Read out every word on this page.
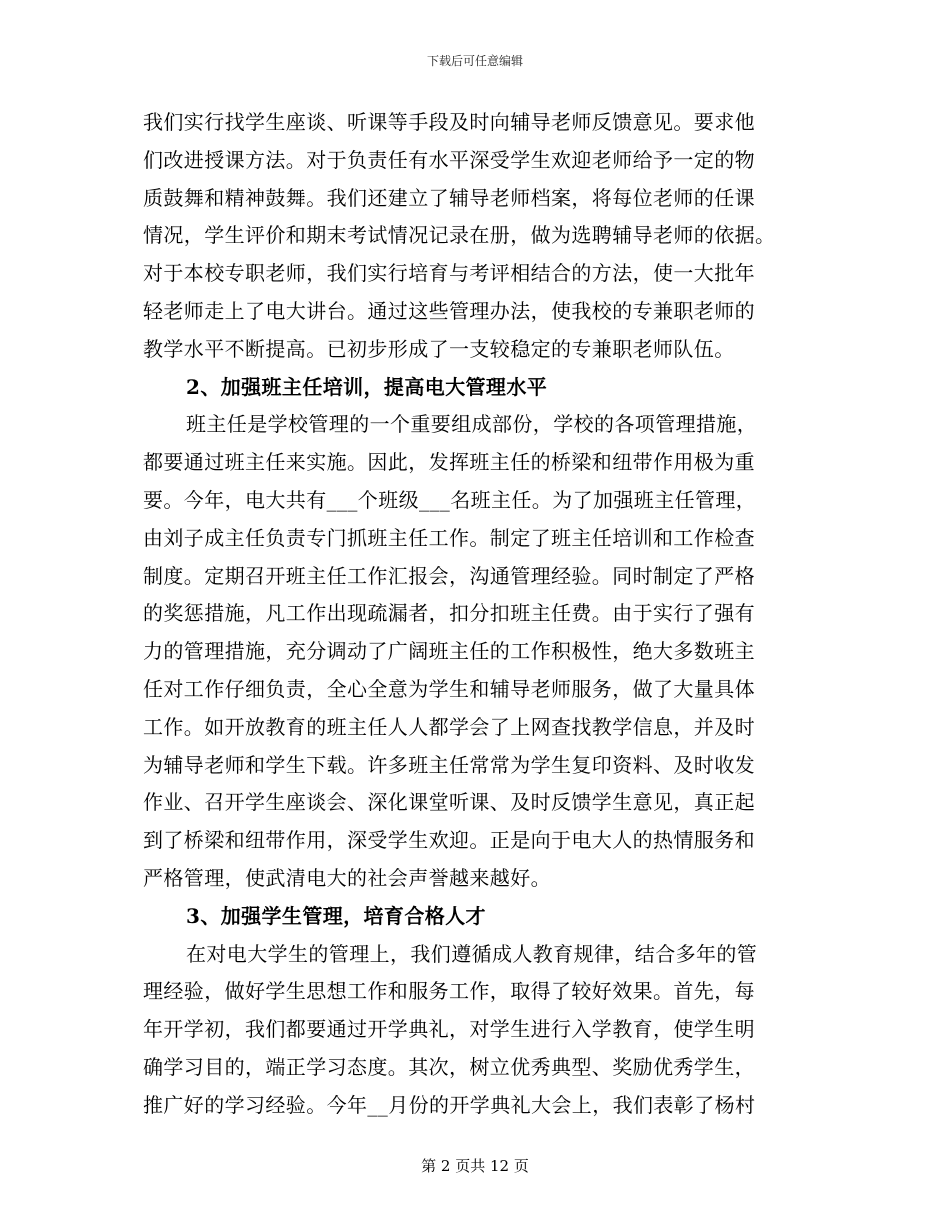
下载后可任意编辑
我们实行找学生座谈、听课等手段及时向辅导老师反馈意见。要求他
们改进授课方法。对于负责任有水平深受学生欢迎老师给予一定的物
质鼓舞和精神鼓舞。我们还建立了辅导老师档案，将每位老师的任课
情况，学生评价和期末考试情况记录在册，做为选聘辅导老师的依据。
对于本校专职老师，我们实行培育与考评相结合的方法，使一大批年
轻老师走上了电大讲台。通过这些管理办法，使我校的专兼职老师的
教学水平不断提高。已初步形成了一支较稳定的专兼职老师队伍。
2、加强班主任培训，提高电大管理水平
班主任是学校管理的一个重要组成部份，学校的各项管理措施，
都要通过班主任来实施。因此，发挥班主任的桥梁和纽带作用极为重
要。今年，电大共有___个班级___名班主任。为了加强班主任管理，
由刘子成主任负责专门抓班主任工作。制定了班主任培训和工作检查
制度。定期召开班主任工作汇报会，沟通管理经验。同时制定了严格
的奖惩措施，凡工作出现疏漏者，扣分扣班主任费。由于实行了强有
力的管理措施，充分调动了广阔班主任的工作积极性，绝大多数班主
任对工作仔细负责，全心全意为学生和辅导老师服务，做了大量具体
工作。如开放教育的班主任人人都学会了上网查找教学信息，并及时
为辅导老师和学生下载。许多班主任常常为学生复印资料、及时收发
作业、召开学生座谈会、深化课堂听课、及时反馈学生意见，真正起
到了桥梁和纽带作用，深受学生欢迎。正是向于电大人的热情服务和
严格管理，使武清电大的社会声誉越来越好。
3、加强学生管理，培育合格人才
在对电大学生的管理上，我们遵循成人教育规律，结合多年的管
理经验，做好学生思想工作和服务工作，取得了较好效果。首先，每
年开学初，我们都要通过开学典礼，对学生进行入学教育，使学生明
确学习目的，端正学习态度。其次，树立优秀典型、奖励优秀学生，
推广好的学习经验。今年__月份的开学典礼大会上，我们表彰了杨村
第 2 页共 12 页
